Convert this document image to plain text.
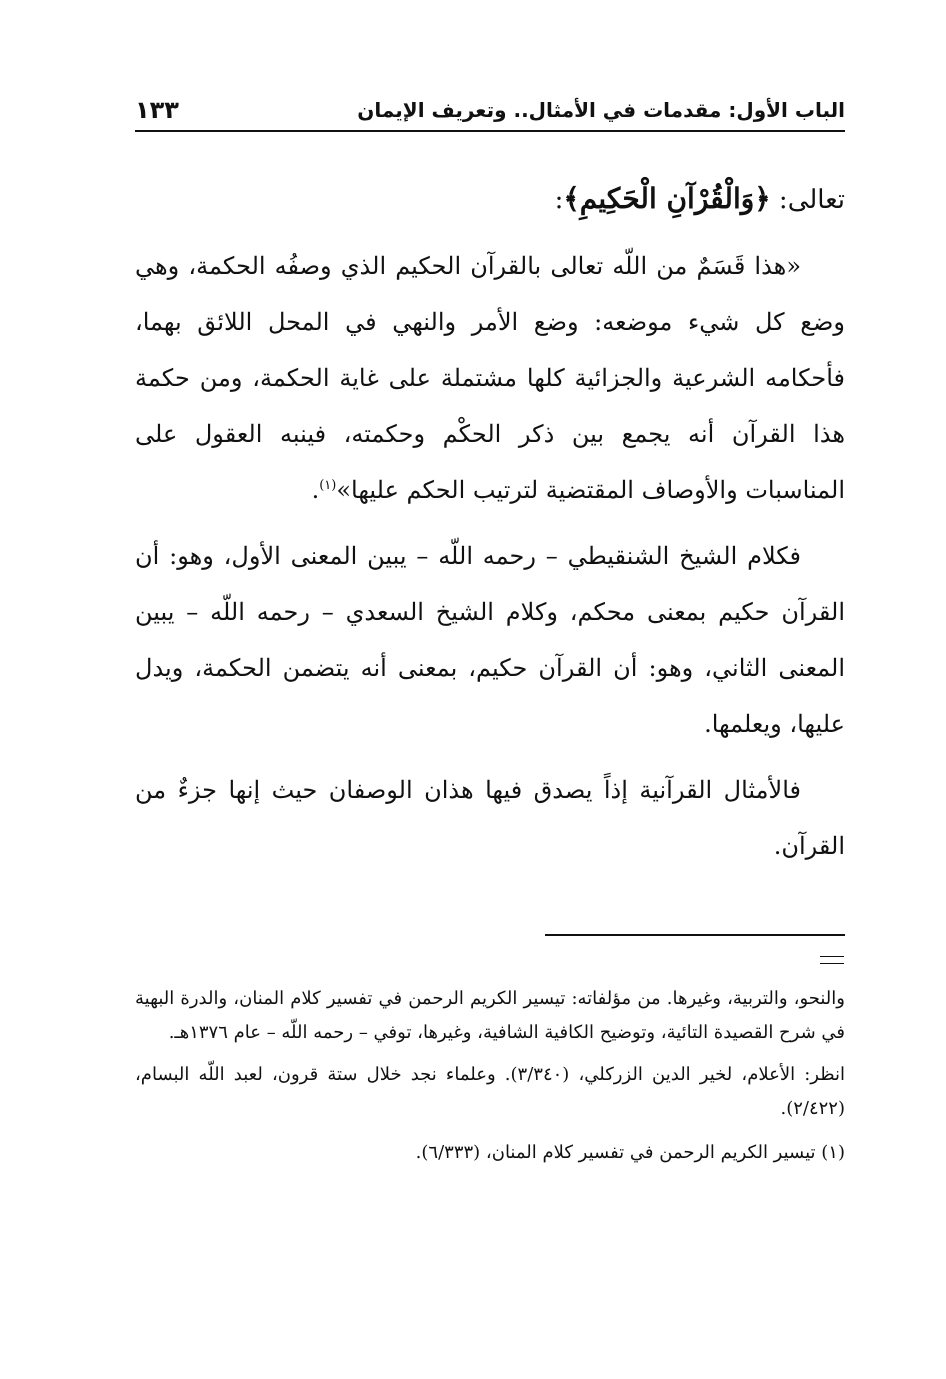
الباب الأول: مقدمات في الأمثال.. وتعريف الإيمان
١٣٣
تعالى: ﴿وَالْقُرْآنِ الْحَكِيمِ﴾:

«هذا قَسَمٌ من اللّه تعالى بالقرآن الحكيم الذي وصفُه الحكمة، وهي وضع كل شيء موضعه: وضع الأمر والنهي في المحل اللائق بهما، فأحكامه الشرعية والجزائية كلها مشتملة على غاية الحكمة، ومن حكمة هذا القرآن أنه يجمع بين ذكر الحكْم وحكمته، فينبه العقول على المناسبات والأوصاف المقتضية لترتيب الحكم عليها»$^{(١)}$.

فكلام الشيخ الشنقيطي – رحمه اللّه – يبين المعنى الأول، وهو: أن القرآن حكيم بمعنى محكم، وكلام الشيخ السعدي – رحمه اللّه – يبين المعنى الثاني، وهو: أن القرآن حكيم، بمعنى أنه يتضمن الحكمة، ويدل عليها، ويعلمها.

فالأمثال القرآنية إذاً يصدق فيها هذان الوصفان حيث إنها جزءٌ من القرآن.

والنحو، والتربية، وغيرها. من مؤلفاته: تيسير الكريم الرحمن في تفسير كلام المنان، والدرة البهية في شرح القصيدة التائية، وتوضيح الكافية الشافية، وغيرها، توفي – رحمه اللّه – عام ١٣٧٦هـ.

انظر: الأعلام، لخير الدين الزركلي، (٣/٣٤٠). وعلماء نجد خلال ستة قرون، لعبد اللّه البسام، (٢/٤٢٢).

(١) تيسير الكريم الرحمن في تفسير كلام المنان، (٦/٣٣٣).
